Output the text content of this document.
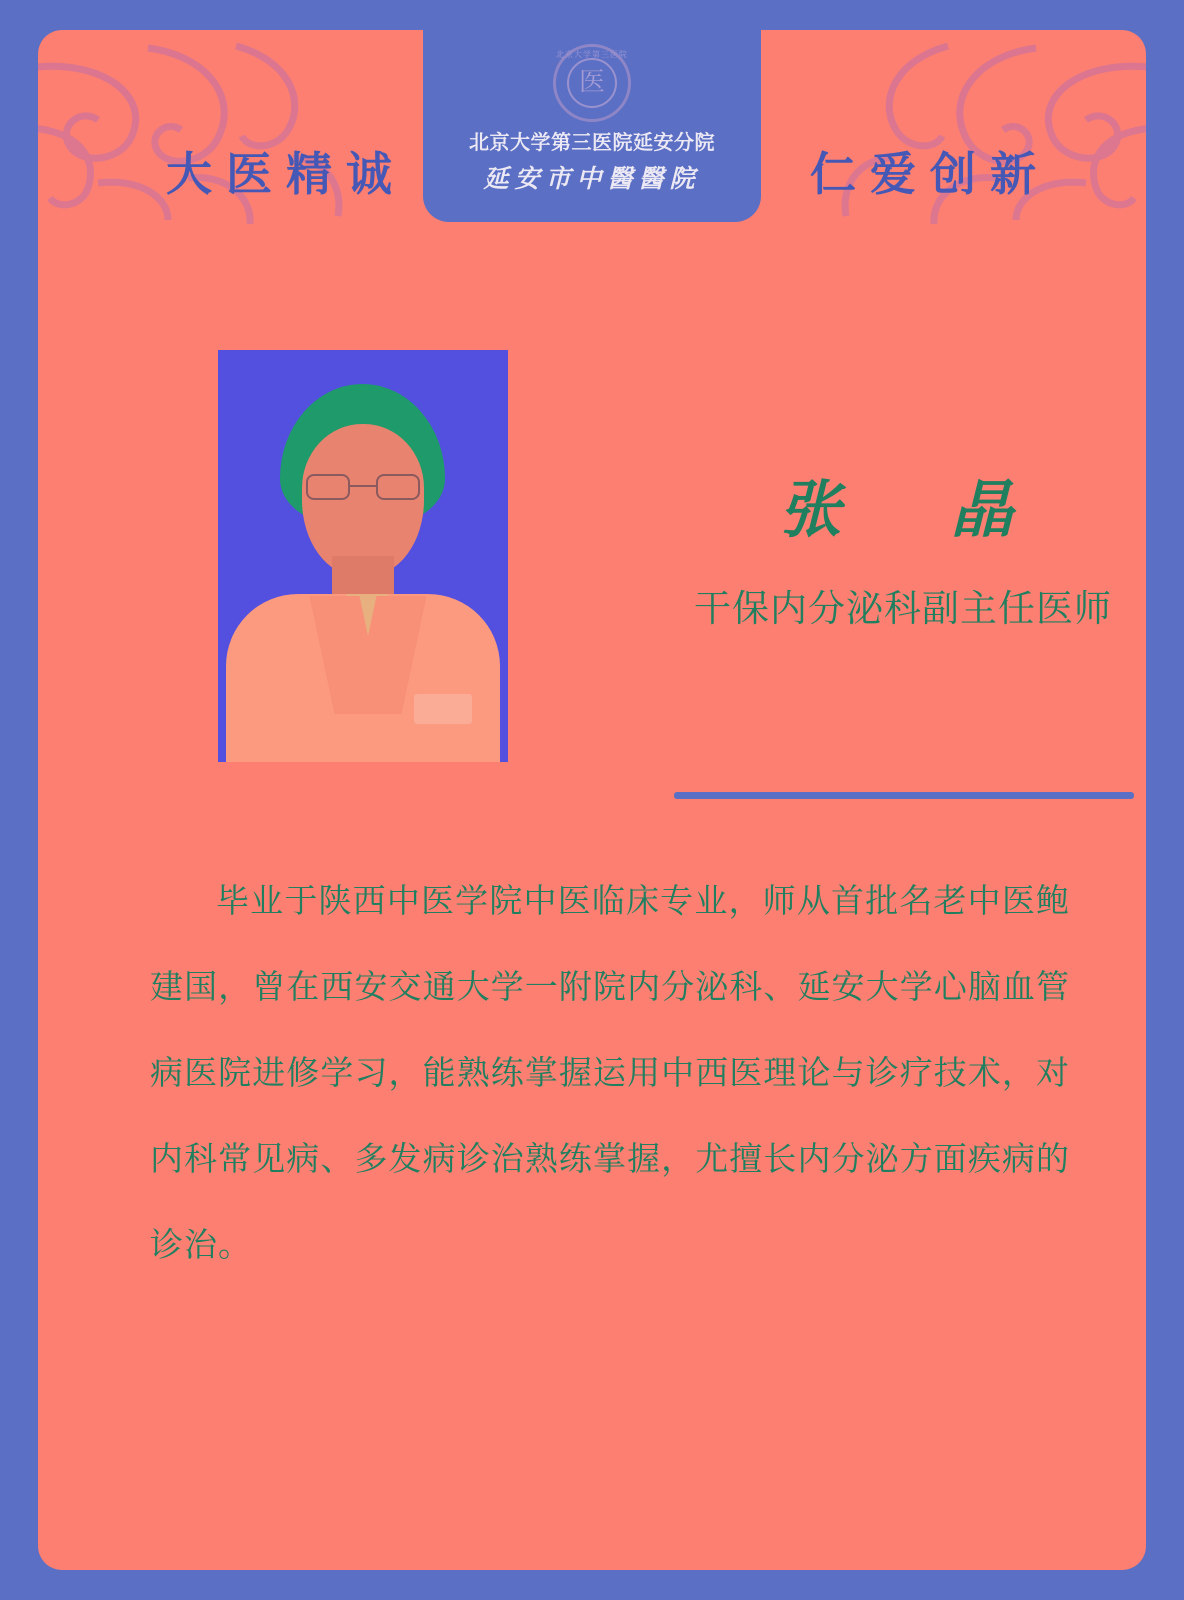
大医精诚	仁爱创新
北京大学第三医院
医
北京大学第三医院延安分院
延安市中醫醫院
张　晶
干保内分泌科副主任医师
毕业于陕西中医学院中医临床专业，师从首批名老中医鲍建国，曾在西安交通大学一附院内分泌科、延安大学心脑血管病医院进修学习，能熟练掌握运用中西医理论与诊疗技术，对内科常见病、多发病诊治熟练掌握，尤擅长内分泌方面疾病的诊治。
